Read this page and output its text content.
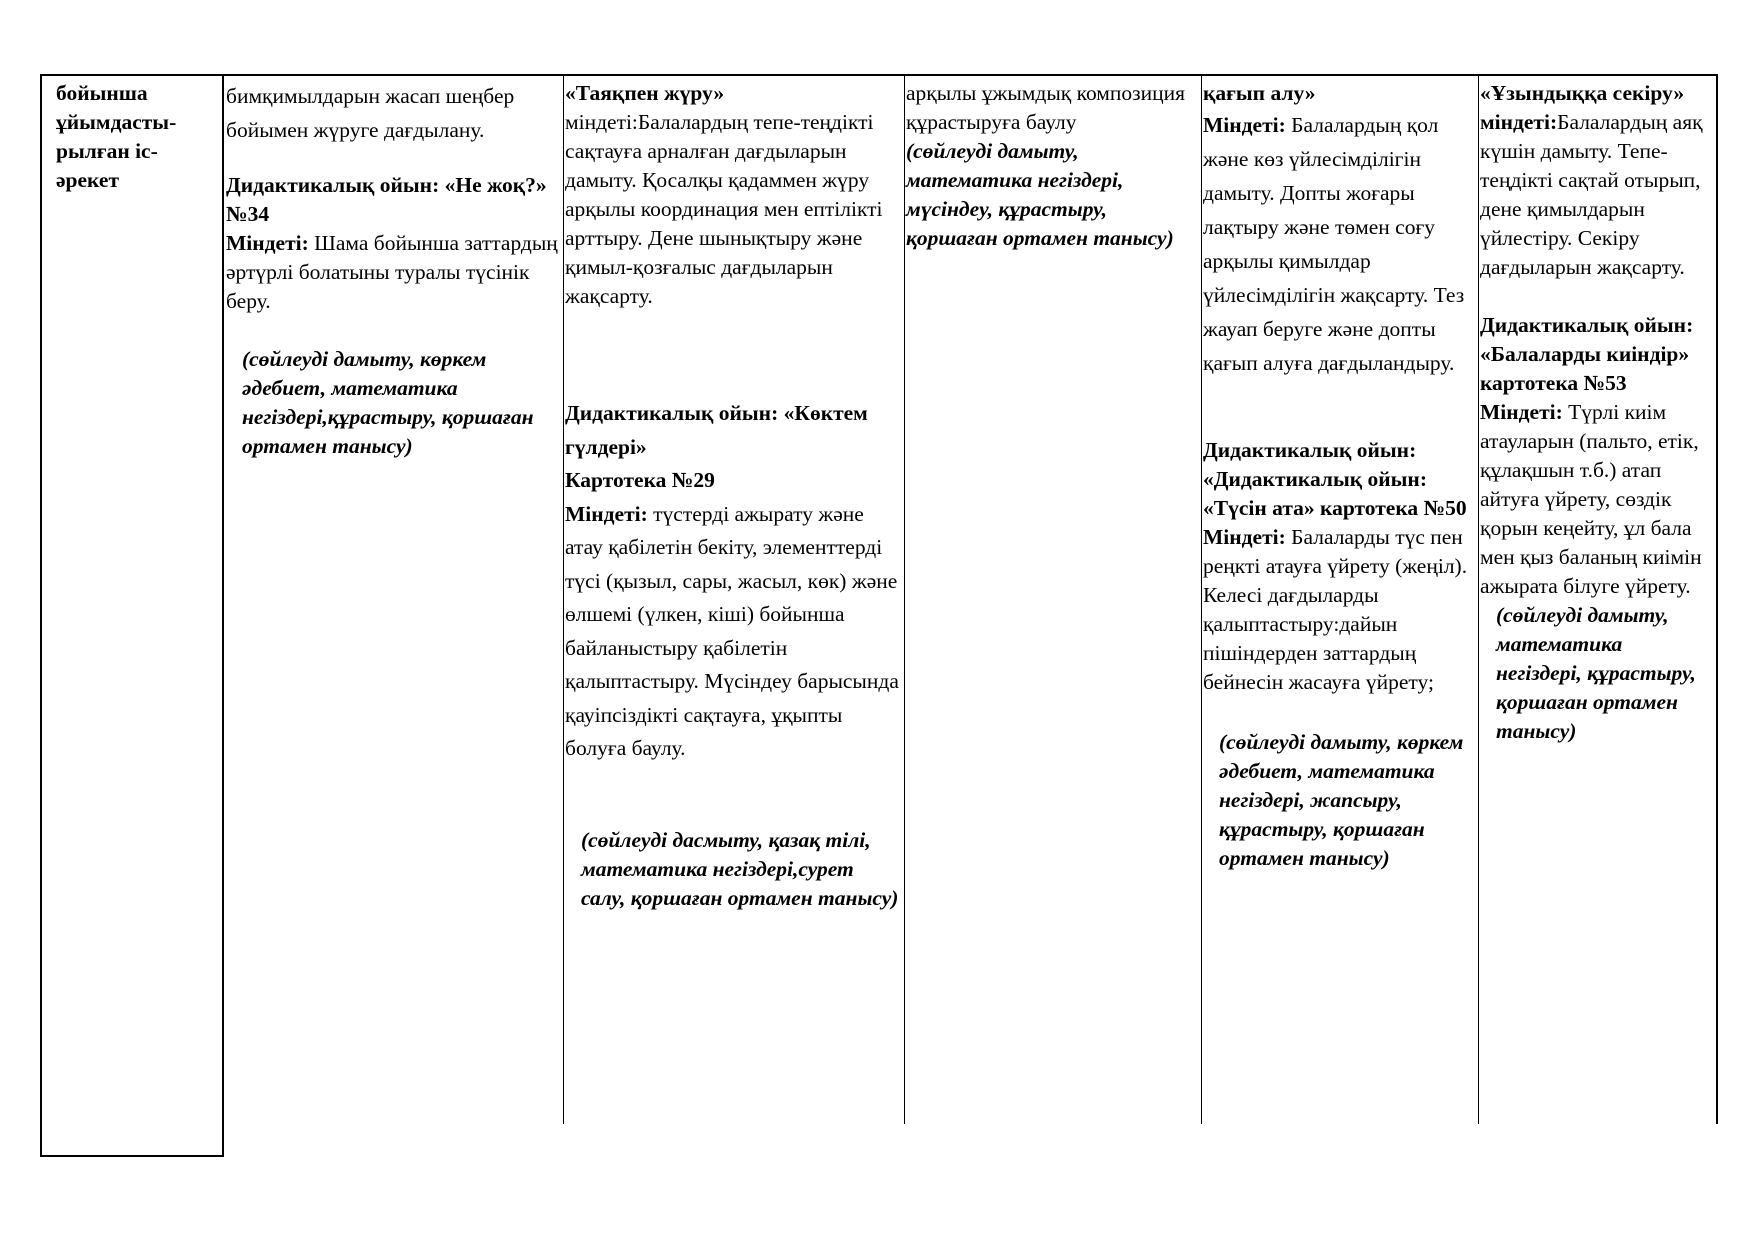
бойынша ұйымдасты-рылған іс-әрекет

бимқимылдарын жасап шеңбер бойымен жүруге дағдылану.

Дидактикалық ойын: «Не жоқ?» №34

Міндеті: Шама бойынша заттардың әртүрлі болатыны туралы түсінік беру.

(сөйлеуді дамыту, көркем әдебиет, математика негіздері,құрастыру, қоршаған ортамен танысу)

«Таяқпен жүру»

міндеті:Балалардың тепе-теңдікті сақтауға арналған дағдыларын дамыту. Қосалқы қадаммен жүру арқылы координация мен ептілікті арттыру. Дене шынықтыру және қимыл-қозғалыс дағдыларын жақсарту.

Дидактикалық ойын: «Көктем гүлдері»

Картотека №29

Міндеті: түстерді ажырату және атау қабілетін бекіту, элементтерді түсі (қызыл, сары, жасыл, көк) және өлшемі (үлкен, кіші) бойынша байланыстыру қабілетін қалыптастыру. Мүсіндеу барысында қауіпсіздікті сақтауға, ұқыпты болуға баулу.

(сөйлеуді дасмыту, қазақ тілі, математика негіздері,сурет салу, қоршаған ортамен танысу)

арқылы ұжымдық композиция құрастыруға баулу

(сөйлеуді дамыту, математика негіздері, мүсіндеу, құрастыру, қоршаған ортамен танысу)

қағып алу»

Міндеті: Балалардың қол және көз үйлесімділігін дамыту. Допты жоғары лақтыру және төмен соғу арқылы қимылдар үйлесімділігін жақсарту. Тез жауап беруге және допты қағып алуға дағдыландыру.

Дидактикалық ойын: «Дидактикалық ойын: «Түсін ата» картотека №50

Міндеті: Балаларды түс пен реңкті атауға үйрету (жеңіл). Келесі дағдыларды қалыптастыру:дайын пішіндерден заттардың бейнесін жасауға үйрету;

(сөйлеуді дамыту, көркем әдебиет, математика негіздері, жапсыру, құрастыру, қоршаған ортамен танысу)

«Ұзындыққа секіру»

міндеті:Балалардың аяқ күшін дамыту. Тепе-теңдікті сақтай отырып, дене қимылдарын үйлестіру. Секіру дағдыларын жақсарту.

Дидактикалық ойын: «Балаларды киіндір»

картотека №53

Міндеті: Түрлі киім атауларын (пальто, етік, құлақшын т.б.) атап айтуға үйрету, сөздік қорын кеңейту, ұл бала мен қыз баланың киімін ажырата білуге үйрету.

(сөйлеуді дамыту, математика негіздері, құрастыру, қоршаған ортамен танысу)
